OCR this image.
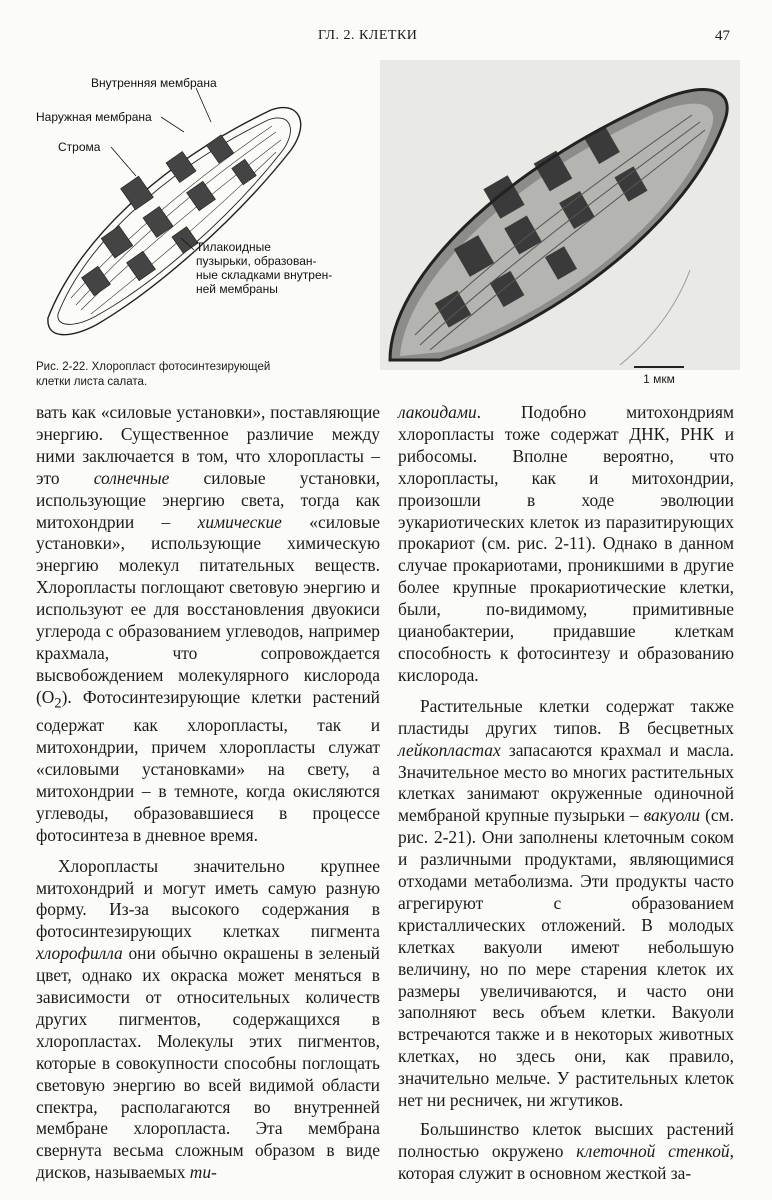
ГЛ. 2. КЛЕТКИ	47
Внутренняя мембрана
Наружная мембрана
Строма
Тилакоидные
пузырьки, образован-
ные складками внутрен-
ней мембраны
Рис. 2-22. Хлоропласт фотосинтезирующей
клетки листа салата.	1 мкм

вать как «силовые установки», поставляющие энергию. Существенное различие между ними заключается в том, что хлоропласты – это солнечные силовые установки, использующие энергию света, тогда как митохондрии – химические «силовые установки», использующие химическую энергию молекул питательных веществ. Хлоропласты поглощают световую энергию и используют ее для восстановления двуокиси углерода с образованием углеводов, например крахмала, что сопровождается высвобождением молекулярного кислорода $(O_2)$. Фотосинтезирующие клетки растений содержат как хлоропласты, так и митохондрии, причем хлоропласты служат «силовыми установками» на свету, а митохондрии – в темноте, когда окисляются углеводы, образовавшиеся в процессе фотосинтеза в дневное время.

Хлоропласты значительно крупнее митохондрий и могут иметь самую разную форму. Из-за высокого содержания в фотосинтезирующих клетках пигмента хлорофилла они обычно окрашены в зеленый цвет, однако их окраска может меняться в зависимости от относительных количеств других пигментов, содержащихся в хлоропластах. Молекулы этих пигментов, которые в совокупности способны поглощать световую энергию во всей видимой области спектра, располагаются во внутренней мембране хлоропласта. Эта мембрана свернута весьма сложным образом в виде дисков, называемых ти-

лакоидами. Подобно митохондриям хлоропласты тоже содержат ДНК, РНК и рибосомы. Вполне вероятно, что хлоропласты, как и митохондрии, произошли в ходе эволюции эукариотических клеток из паразитирующих прокариот (см. рис. 2-11). Однако в данном случае прокариотами, проникшими в другие более крупные прокариотические клетки, были, по-видимому, примитивные цианобактерии, придавшие клеткам способность к фотосинтезу и образованию кислорода.

Растительные клетки содержат также пластиды других типов. В бесцветных лейкопластах запасаются крахмал и масла. Значительное место во многих растительных клетках занимают окруженные одиночной мембраной крупные пузырьки – вакуоли (см. рис. 2-21). Они заполнены клеточным соком и различными продуктами, являющимися отходами метаболизма. Эти продукты часто агрегируют с образованием кристаллических отложений. В молодых клетках вакуоли имеют небольшую величину, но по мере старения клеток их размеры увеличиваются, и часто они заполняют весь объем клетки. Вакуоли встречаются также и в некоторых животных клетках, но здесь они, как правило, значительно мельче. У растительных клеток нет ни ресничек, ни жгутиков.

Большинство клеток высших растений полностью окружено клеточной стенкой, которая служит в основном жесткой за-
